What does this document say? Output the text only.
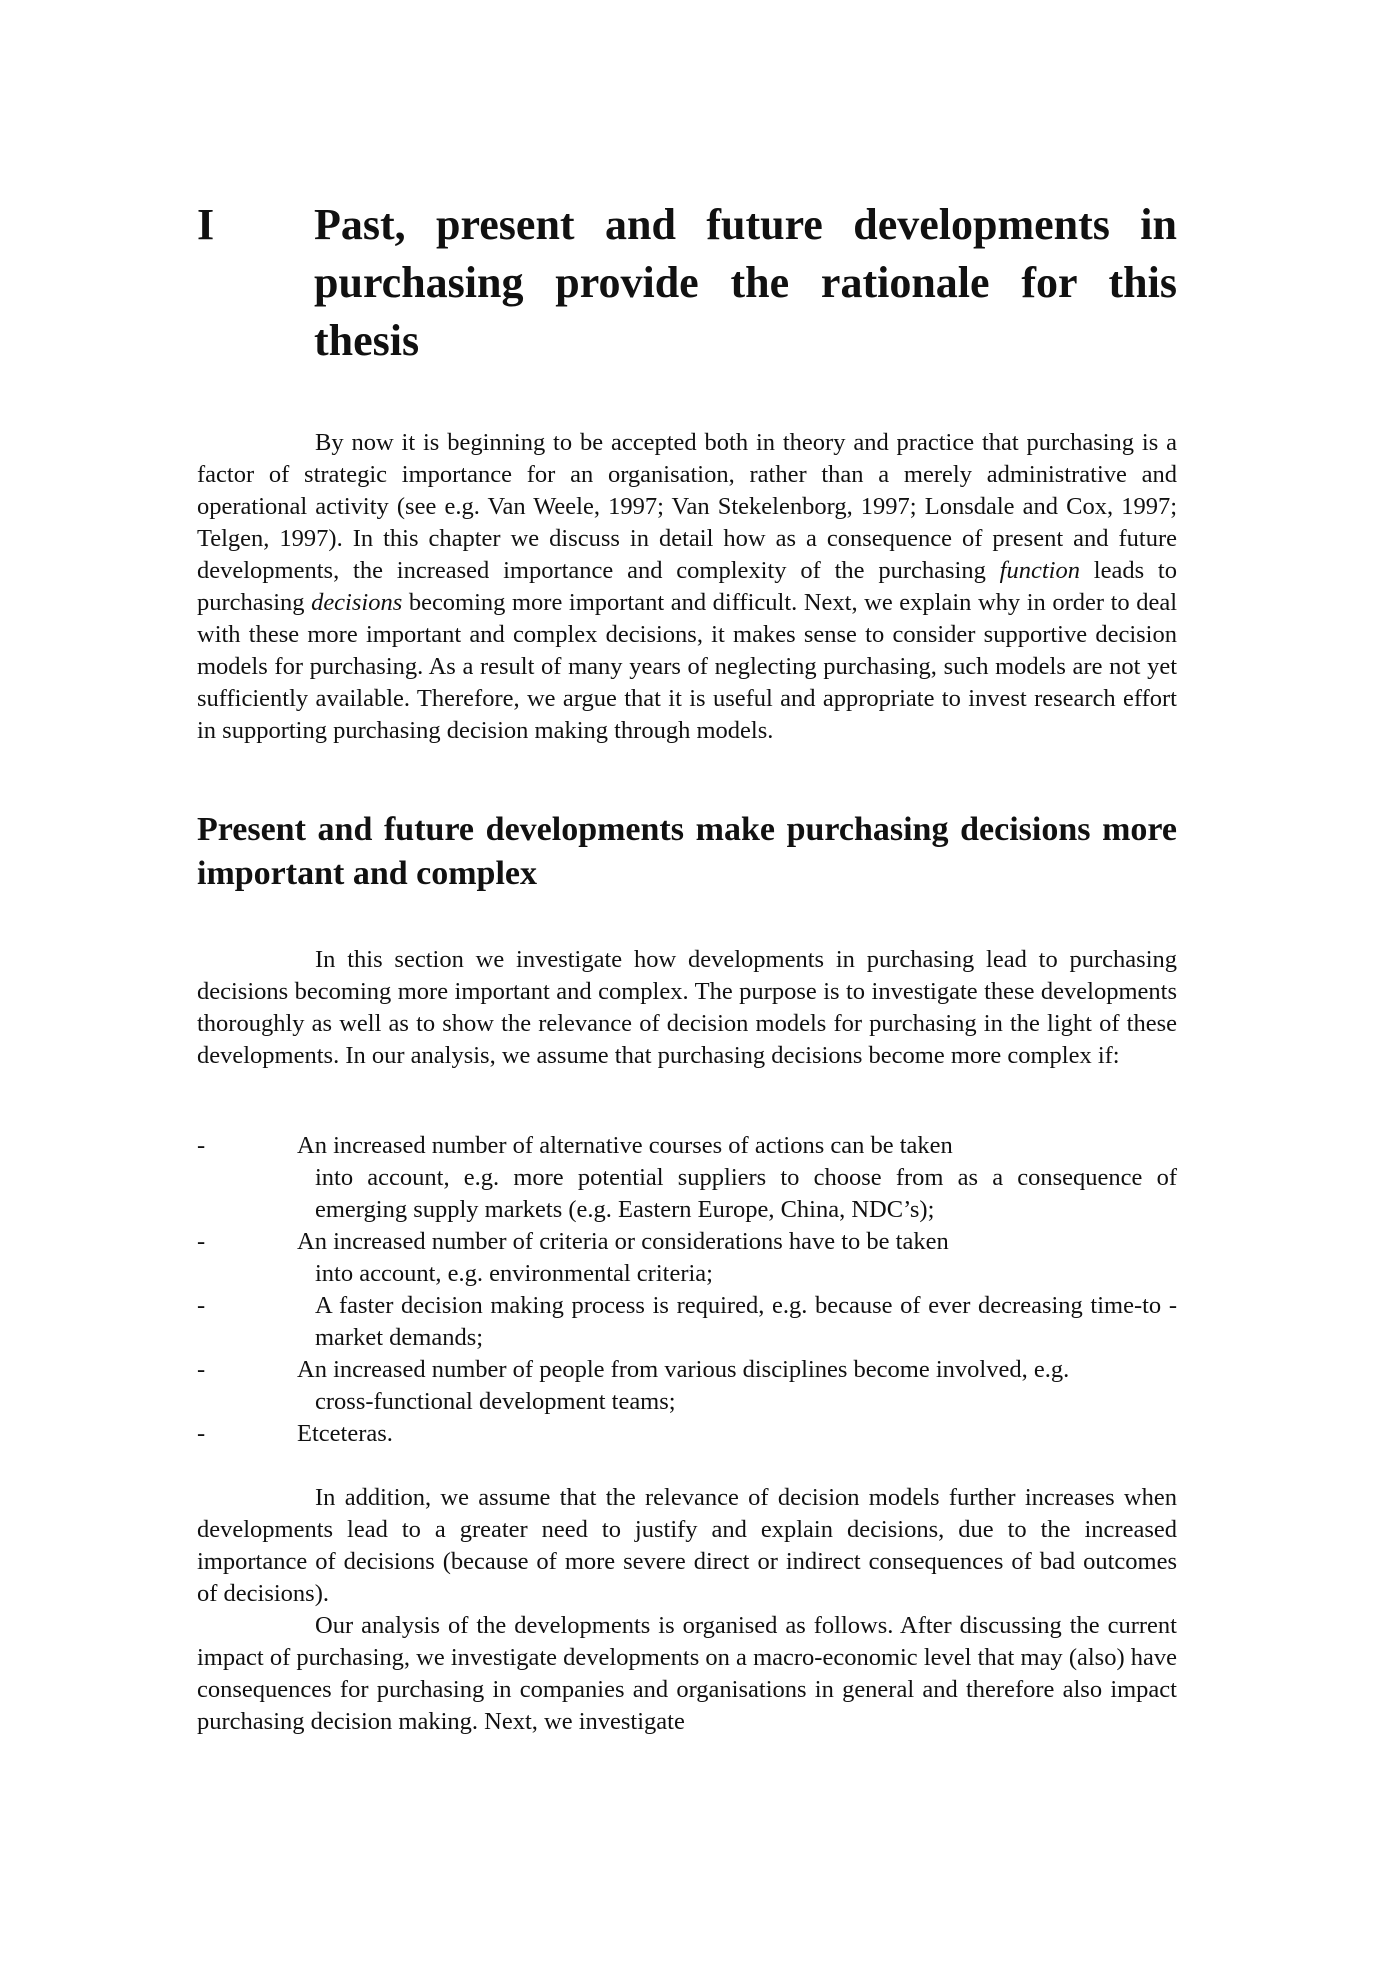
I Past, present and future developments in purchasing provide the rationale for this thesis

By now it is beginning to be accepted both in theory and practice that purchasing is a factor of strategic importance for an organisation, rather than a merely administrative and operational activity (see e.g. Van Weele, 1997; Van Stekelenborg, 1997; Lonsdale and Cox, 1997; Telgen, 1997). In this chapter we discuss in detail how as a consequence of present and future developments, the increased importance and complexity of the purchasing function leads to purchasing decisions becoming more important and difficult. Next, we explain why in order to deal with these more important and complex decisions, it makes sense to consider supportive decision models for purchasing. As a result of many years of neglecting purchasing, such models are not yet sufficiently available. Therefore, we argue that it is useful and appropriate to invest research effort in supporting purchasing decision making through models.

Present and future developments make purchasing decisions more important and complex

In this section we investigate how developments in purchasing lead to purchasing decisions becoming more important and complex. The purpose is to investigate these developments thoroughly as well as to show the relevance of decision models for purchasing in the light of these developments. In our analysis, we assume that purchasing decisions become more complex if:

-	An increased number of alternative courses of actions can be taken
into account, e.g. more potential suppliers to choose from as a consequence of emerging supply markets (e.g. Eastern Europe, China, NDC’s);
-	An increased number of criteria or considerations have to be taken
into account, e.g. environmental criteria;
-	A faster decision making process is required, e.g. because of ever decreasing time-to -market demands;
-	An increased number of people from various disciplines become involved, e.g.
cross-functional development teams;
-	Etceteras.

In addition, we assume that the relevance of decision models further increases when developments lead to a greater need to justify and explain decisions, due to the increased importance of decisions (because of more severe direct or indirect consequences of bad outcomes of decisions).

Our analysis of the developments is organised as follows. After discussing the current impact of purchasing, we investigate developments on a macro-economic level that may (also) have consequences for purchasing in companies and organisations in general and therefore also impact purchasing decision making. Next, we investigate
